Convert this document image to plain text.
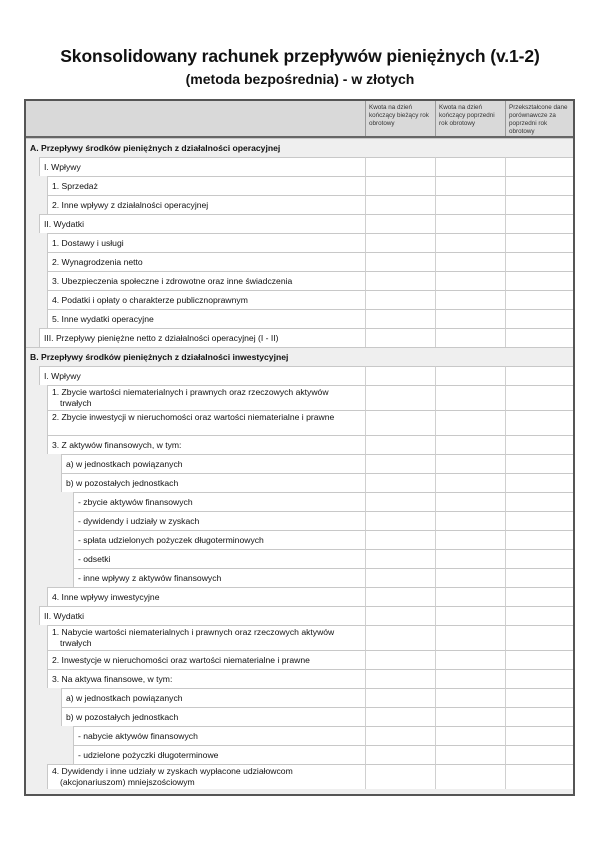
Skonsolidowany rachunek przepływów pieniężnych (v.1-2)
(metoda bezpośrednia) - w złotych
Kwota na dzień kończący bieżący rok obrotowy
Kwota na dzień kończący poprzedni rok obrotowy
Przekształcone dane porównawcze za poprzedni rok obrotowy
A. Przepływy środków pieniężnych z działalności operacyjnej
I. Wpływy
1. Sprzedaż
2. Inne wpływy z działalności operacyjnej
II. Wydatki
1. Dostawy i usługi
2. Wynagrodzenia netto
3. Ubezpieczenia społeczne i zdrowotne oraz inne świadczenia
4. Podatki i opłaty o charakterze publicznoprawnym
5. Inne wydatki operacyjne
III. Przepływy pieniężne netto z działalności operacyjnej (I - II)
B. Przepływy środków pieniężnych z działalności inwestycyjnej
I. Wpływy
1. Zbycie wartości niematerialnych i prawnych oraz rzeczowych aktywów trwałych
2. Zbycie inwestycji w nieruchomości oraz wartości niematerialne i prawne
3. Z aktywów finansowych, w tym:
a) w jednostkach powiązanych
b) w pozostałych jednostkach
- zbycie aktywów finansowych
- dywidendy i udziały w zyskach
- spłata udzielonych pożyczek długoterminowych
- odsetki
- inne wpływy z aktywów finansowych
4. Inne wpływy inwestycyjne
II. Wydatki
1. Nabycie wartości niematerialnych i prawnych oraz rzeczowych aktywów trwałych
2. Inwestycje w nieruchomości oraz wartości niematerialne i prawne
3. Na aktywa finansowe, w tym:
a) w jednostkach powiązanych
b) w pozostałych jednostkach
- nabycie aktywów finansowych
- udzielone pożyczki długoterminowe
4. Dywidendy i inne udziały w zyskach wypłacone udziałowcom (akcjonariuszom) mniejszościowym
